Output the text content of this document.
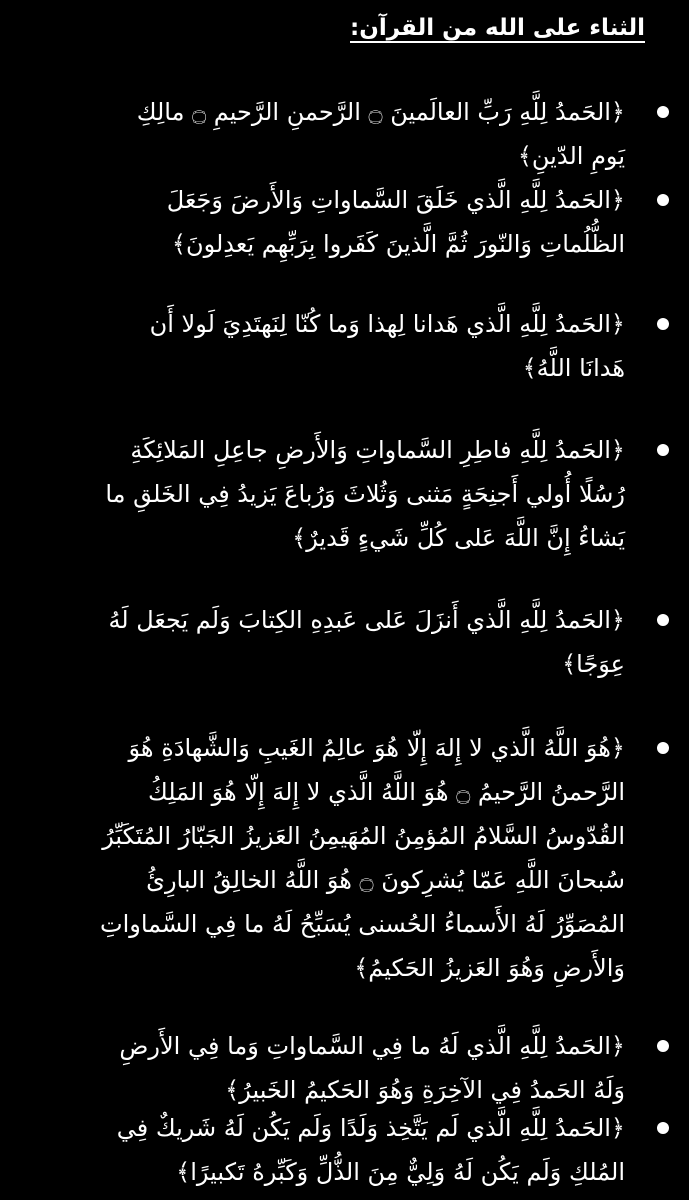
الثناء على الله من القرآن:
﴿الحَمدُ لِلَّهِ رَبِّ العالَمينَ ۝ الرَّحمنِ الرَّحيمِ ۝ مالِكِ
يَومِ الدّينِ﴾
﴿الحَمدُ لِلَّهِ الَّذي خَلَقَ السَّماواتِ وَالأَرضَ وَجَعَلَ
الظُّلُماتِ وَالنّورَ ثُمَّ الَّذينَ كَفَروا بِرَبِّهِم يَعدِلونَ﴾
﴿الحَمدُ لِلَّهِ الَّذي هَدانا لِهذا وَما كُنّا لِنَهتَدِيَ لَولا أَن
هَدانَا اللَّهُ﴾
﴿الحَمدُ لِلَّهِ فاطِرِ السَّماواتِ وَالأَرضِ جاعِلِ المَلائِكَةِ
رُسُلًا أُولي أَجنِحَةٍ مَثنى وَثُلاثَ وَرُباعَ يَزيدُ فِي الخَلقِ ما
يَشاءُ إِنَّ اللَّهَ عَلى كُلِّ شَيءٍ قَديرٌ﴾
﴿الحَمدُ لِلَّهِ الَّذي أَنزَلَ عَلى عَبدِهِ الكِتابَ وَلَم يَجعَل لَهُ
عِوَجًا﴾
﴿هُوَ اللَّهُ الَّذي لا إِلهَ إِلّا هُوَ عالِمُ الغَيبِ وَالشَّهادَةِ هُوَ
الرَّحمنُ الرَّحيمُ ۝ هُوَ اللَّهُ الَّذي لا إِلهَ إِلّا هُوَ المَلِكُ
القُدّوسُ السَّلامُ المُؤمِنُ المُهَيمِنُ العَزيزُ الجَبّارُ المُتَكَبِّرُ
سُبحانَ اللَّهِ عَمّا يُشرِكونَ ۝ هُوَ اللَّهُ الخالِقُ البارِئُ
المُصَوِّرُ لَهُ الأَسماءُ الحُسنى يُسَبِّحُ لَهُ ما فِي السَّماواتِ
وَالأَرضِ وَهُوَ العَزيزُ الحَكيمُ﴾
﴿الحَمدُ لِلَّهِ الَّذي لَهُ ما فِي السَّماواتِ وَما فِي الأَرضِ
وَلَهُ الحَمدُ فِي الآخِرَةِ وَهُوَ الحَكيمُ الخَبيرُ﴾
﴿الحَمدُ لِلَّهِ الَّذي لَم يَتَّخِذ وَلَدًا وَلَم يَكُن لَهُ شَريكٌ فِي
المُلكِ وَلَم يَكُن لَهُ وَلِيٌّ مِنَ الذُّلِّ وَكَبِّرهُ تَكبيرًا﴾
